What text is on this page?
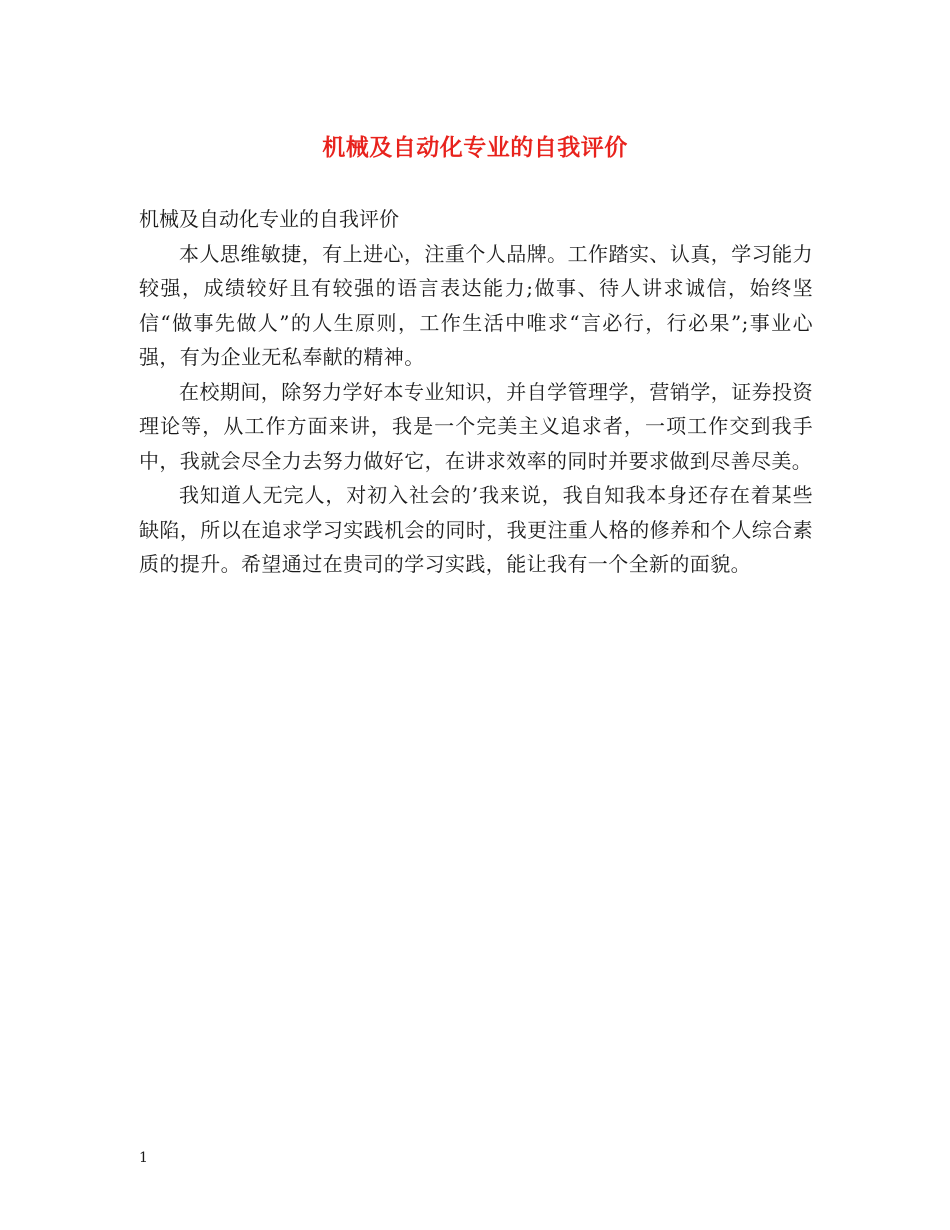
机械及自动化专业的自我评价

机械及自动化专业的自我评价

本人思维敏捷，有上进心，注重个人品牌。工作踏实、认真，学习能力较强，成绩较好且有较强的语言表达能力;做事、待人讲求诚信，始终坚信“做事先做人”的人生原则，工作生活中唯求“言必行，行必果”;事业心强，有为企业无私奉献的精神。

在校期间，除努力学好本专业知识，并自学管理学，营销学，证券投资理论等，从工作方面来讲，我是一个完美主义追求者，一项工作交到我手中，我就会尽全力去努力做好它，在讲求效率的同时并要求做到尽善尽美。

我知道人无完人，对初入社会的’我来说，我自知我本身还存在着某些缺陷，所以在追求学习实践机会的同时，我更注重人格的修养和个人综合素质的提升。希望通过在贵司的学习实践，能让我有一个全新的面貌。

1
